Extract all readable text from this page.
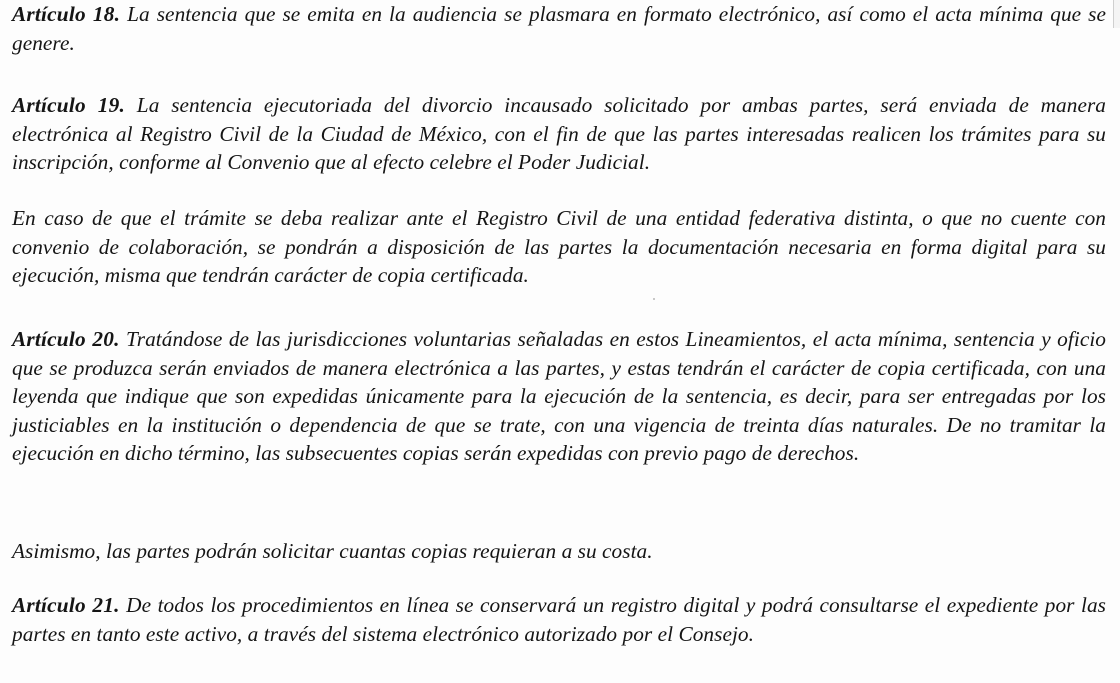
Artículo 18. La sentencia que se emita en la audiencia se plasmara en formato electrónico, así como el acta mínima que se genere.

Artículo 19. La sentencia ejecutoriada del divorcio incausado solicitado por ambas partes, será enviada de manera electrónica al Registro Civil de la Ciudad de México, con el fin de que las partes interesadas realicen los trámites para su inscripción, conforme al Convenio que al efecto celebre el Poder Judicial.

En caso de que el trámite se deba realizar ante el Registro Civil de una entidad federativa distinta, o que no cuente con convenio de colaboración, se pondrán a disposición de las partes la documentación necesaria en forma digital para su ejecución, misma que tendrán carácter de copia certificada.

Artículo 20. Tratándose de las jurisdicciones voluntarias señaladas en estos Lineamientos, el acta mínima, sentencia y oficio que se produzca serán enviados de manera electrónica a las partes, y estas tendrán el carácter de copia certificada, con una leyenda que indique que son expedidas únicamente para la ejecución de la sentencia, es decir, para ser entregadas por los justiciables en la institución o dependencia de que se trate, con una vigencia de treinta días naturales. De no tramitar la ejecución en dicho término, las subsecuentes copias serán expedidas con previo pago de derechos.

Asimismo, las partes podrán solicitar cuantas copias requieran a su costa.

Artículo 21. De todos los procedimientos en línea se conservará un registro digital y podrá consultarse el expediente por las partes en tanto este activo, a través del sistema electrónico autorizado por el Consejo.
